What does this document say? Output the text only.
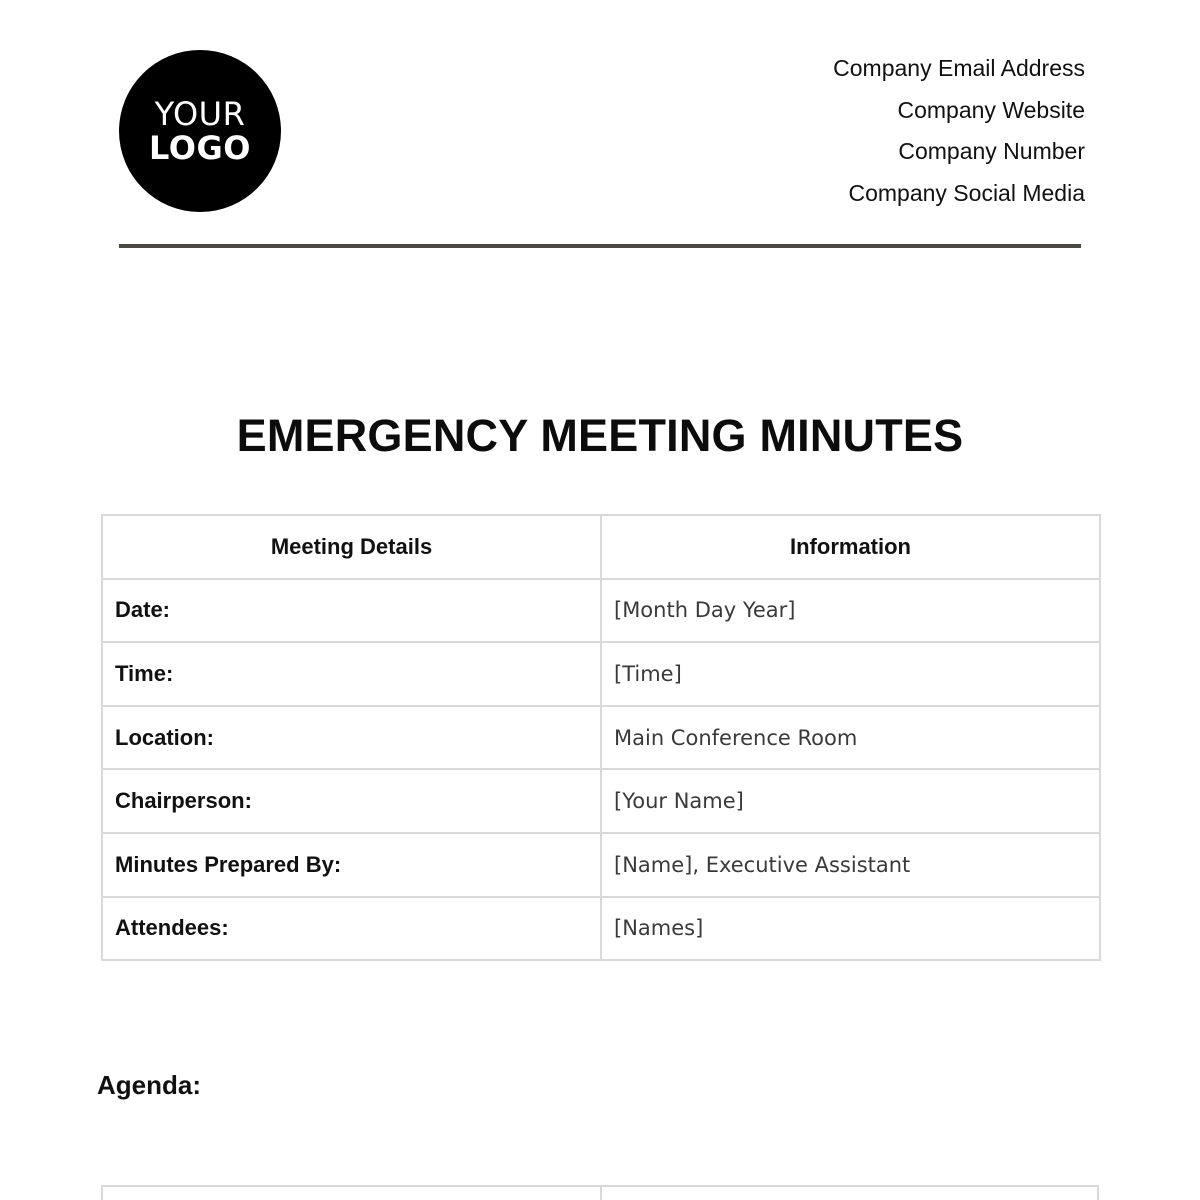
YOUR
LOGO
Company Email Address
Company Website
Company Number
Company Social Media
EMERGENCY MEETING MINUTES
Meeting Details	Information
Date:	[Month Day Year]
Time:	[Time]
Location:	Main Conference Room
Chairperson:	[Your Name]
Minutes Prepared By:	[Name], Executive Assistant
Attendees:	[Names]
Agenda:
